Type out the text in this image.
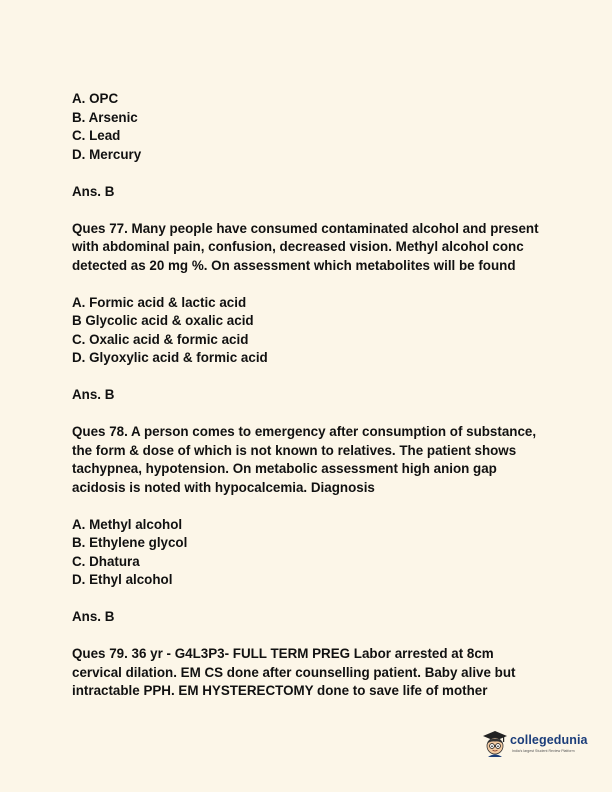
A. OPC
B. Arsenic
C. Lead
D. Mercury
Ans. B
Ques 77. Many people have consumed contaminated alcohol and present
with abdominal pain, confusion, decreased vision. Methyl alcohol conc
detected as 20 mg %. On assessment which metabolites will be found
A. Formic acid & lactic acid
B Glycolic acid & oxalic acid
C. Oxalic acid & formic acid
D. Glyoxylic acid & formic acid
Ans. B
Ques 78. A person comes to emergency after consumption of substance,
the form & dose of which is not known to relatives. The patient shows
tachypnea, hypotension. On metabolic assessment high anion gap
acidosis is noted with hypocalcemia. Diagnosis
A. Methyl alcohol
B. Ethylene glycol
C. Dhatura
D. Ethyl alcohol
Ans. B
Ques 79. 36 yr - G4L3P3- FULL TERM PREG Labor arrested at 8cm
cervical dilation. EM CS done after counselling patient. Baby alive but
intractable PPH. EM HYSTERECTOMY done to save life of mother
collegedunia
India's largest Student Review Platform
